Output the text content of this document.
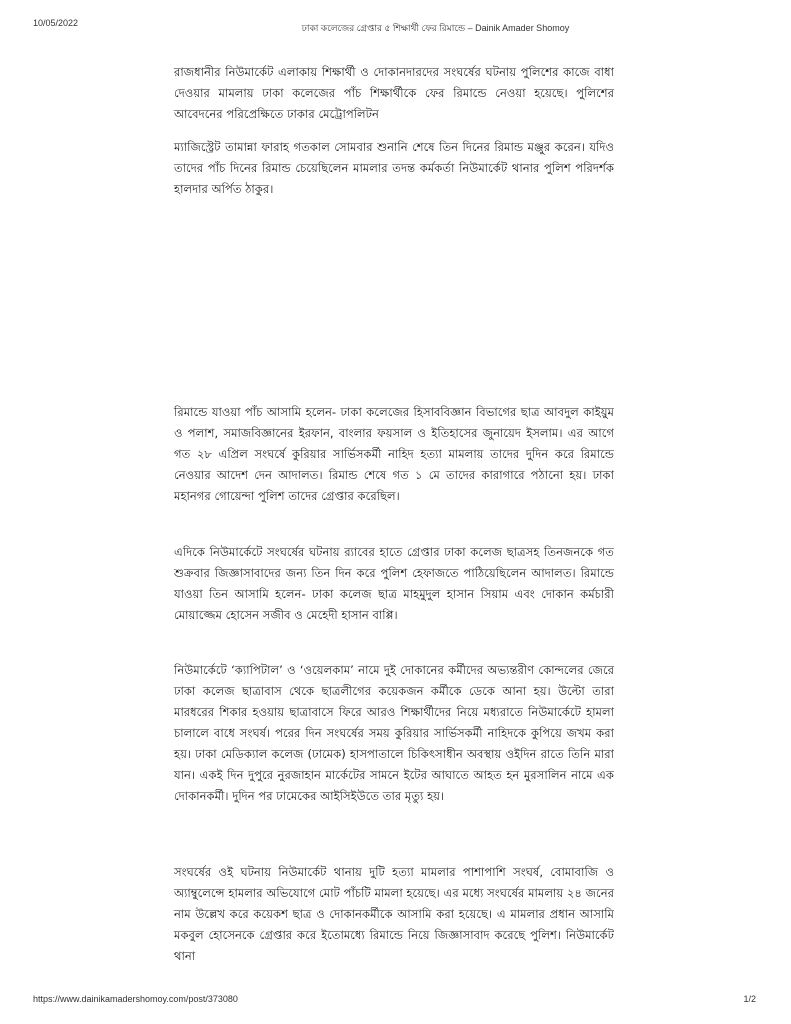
10/05/2022	ঢাকা কলেজের গ্রেপ্তার ৫ শিক্ষার্থী ফের রিমান্ডে – Dainik Amader Shomoy

রাজধানীর নিউমার্কেট এলাকায় শিক্ষার্থী ও দোকানদারদের সংঘর্ষের ঘটনায় পুলিশের কাজে বাধা দেওয়ার মামলায় ঢাকা কলেজের পাঁচ শিক্ষার্থীকে ফের রিমান্ডে নেওয়া হয়েছে। পুলিশের আবেদনের পরিপ্রেক্ষিতে ঢাকার মেট্রোপলিটন

ম্যাজিস্ট্রেট তামান্না ফারাহ গতকাল সোমবার শুনানি শেষে তিন দিনের রিমান্ড মঞ্জুর করেন। যদিও তাদের পাঁচ দিনের রিমান্ড চেয়েছিলেন মামলার তদন্ত কর্মকর্তা নিউমার্কেট থানার পুলিশ পরিদর্শক হালদার অর্পিত ঠাকুর।

রিমান্ডে যাওয়া পাঁচ আসামি হলেন- ঢাকা কলেজের হিসাববিজ্ঞান বিভাগের ছাত্র আবদুল কাইয়ুম ও পলাশ, সমাজবিজ্ঞানের ইরফান, বাংলার ফয়সাল ও ইতিহাসের জুনায়েদ ইসলাম। এর আগে গত ২৮ এপ্রিল সংঘর্ষে কুরিয়ার সার্ভিসকর্মী নাহিদ হত্যা মামলায় তাদের দুদিন করে রিমান্ডে নেওয়ার আদেশ দেন আদালত। রিমান্ড শেষে গত ১ মে তাদের কারাগারে পঠানো হয়। ঢাকা মহানগর গোয়েন্দা পুলিশ তাদের গ্রেপ্তার করেছিল।

এদিকে নিউমার্কেটে সংঘর্ষের ঘটনায় র‌্যাবের হাতে গ্রেপ্তার ঢাকা কলেজ ছাত্রসহ তিনজনকে গত শুক্রবার জিজ্ঞাসাবাদের জন্য তিন দিন করে পুলিশ হেফাজতে পাঠিয়েছিলেন আদালত। রিমান্ডে যাওয়া তিন আসামি হলেন- ঢাকা কলেজ ছাত্র মাহমুদুল হাসান সিয়াম এবং দোকান কর্মচারী মোয়াজ্জেম হোসেন সজীব ও মেহেদী হাসান বাপ্পি।

নিউমার্কেটে ‘ক্যাপিটাল’ ও ‘ওয়েলকাম’ নামে দুই দোকানের কর্মীদের অভ্যন্তরীণ কোন্দলের জেরে ঢাকা কলেজ ছাত্রাবাস থেকে ছাত্রলীগের কয়েকজন কর্মীকে ডেকে আনা হয়। উল্টো তারা মারধরের শিকার হওয়ায় ছাত্রাবাসে ফিরে আরও শিক্ষার্থীদের নিয়ে মধ্যরাতে নিউমার্কেটে হামলা চালালে বাধে সংঘর্ষ। পরের দিন সংঘর্ষের সময় কুরিয়ার সার্ভিসকর্মী নাহিদকে কুপিয়ে জখম করা হয়। ঢাকা মেডিক্যাল কলেজ (ঢামেক) হাসপাতালে চিকিৎসাধীন অবস্থায় ওইদিন রাতে তিনি মারা যান। একই দিন দুপুরে নুরজাহান মার্কেটের সামনে ইটের আঘাতে আহত হন মুরসালিন নামে এক দোকানকর্মী। দুদিন পর ঢামেকের আইসিইউতে তার মৃত্যু হয়।

সংঘর্ষের ওই ঘটনায় নিউমার্কেট থানায় দুটি হত্যা মামলার পাশাপাশি সংঘর্ষ, বোমাবাজি ও অ্যাম্বুলেন্সে হামলার অভিযোগে মোট পাঁচটি মামলা হয়েছে। এর মধ্যে সংঘর্ষের মামলায় ২৪ জনের নাম উল্লেখ করে কয়েকশ ছাত্র ও দোকানকর্মীকে আসামি করা হয়েছে। এ মামলার প্রধান আসামি মকবুল হোসেনকে গ্রেপ্তার করে ইতোমধ্যে রিমান্ডে নিয়ে জিজ্ঞাসাবাদ করেছে পুলিশ। নিউমার্কেট থানা

https://www.dainikamadershomoy.com/post/373080	1/2
